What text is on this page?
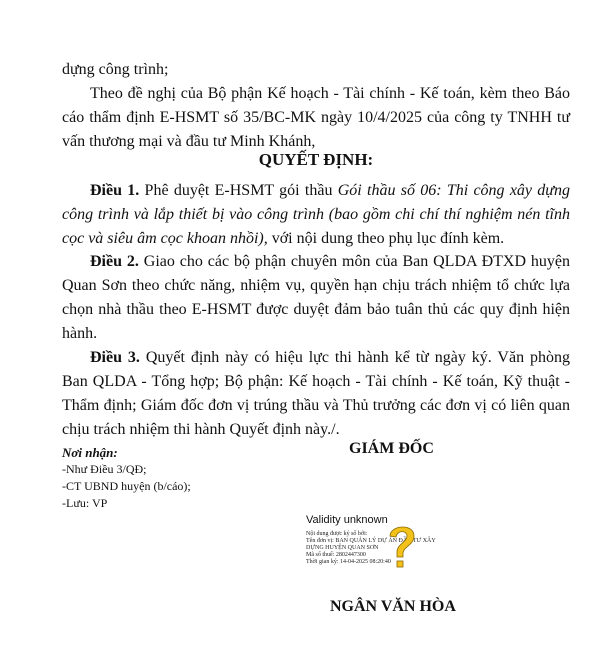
dựng công trình;

Theo đề nghị của Bộ phận Kế hoạch - Tài chính - Kế toán, kèm theo Báo cáo thẩm định E-HSMT số 35/BC-MK ngày 10/4/2025 của công ty TNHH tư vấn thương mại và đầu tư Minh Khánh,

QUYẾT ĐỊNH:

Điều 1. Phê duyệt E-HSMT gói thầu Gói thầu số 06: Thi công xây dựng công trình và lắp thiết bị vào công trình (bao gồm chi chí thí nghiệm nén tĩnh cọc và siêu âm cọc khoan nhồi), với nội dung theo phụ lục đính kèm.

Điều 2. Giao cho các bộ phận chuyên môn của Ban QLDA ĐTXD huyện Quan Sơn theo chức năng, nhiệm vụ, quyền hạn chịu trách nhiệm tổ chức lựa chọn nhà thầu theo E-HSMT được duyệt đảm bảo tuân thủ các quy định hiện hành.

Điều 3. Quyết định này có hiệu lực thi hành kể từ ngày ký. Văn phòng Ban QLDA - Tổng hợp; Bộ phận: Kế hoạch - Tài chính - Kế toán, Kỹ thuật - Thẩm định; Giám đốc đơn vị trúng thầu và Thủ trưởng các đơn vị có liên quan chịu trách nhiệm thi hành Quyết định này./.

Nơi nhận:
-Như Điều 3/QĐ;
-CT UBND huyện (b/cáo);
-Lưu: VP
GIÁM ĐỐC
Validity unknown
Nội dung được ký số bởi:
Tên đơn vị: BAN QUẢN LÝ DỰ ÁN ĐẦU TƯ XÂY
DỰNG HUYỆN QUAN SƠN
Mã số thuế: 2802447300
Thời gian ký: 14-04-2025 08:20:40
NGÂN VĂN HÒA
